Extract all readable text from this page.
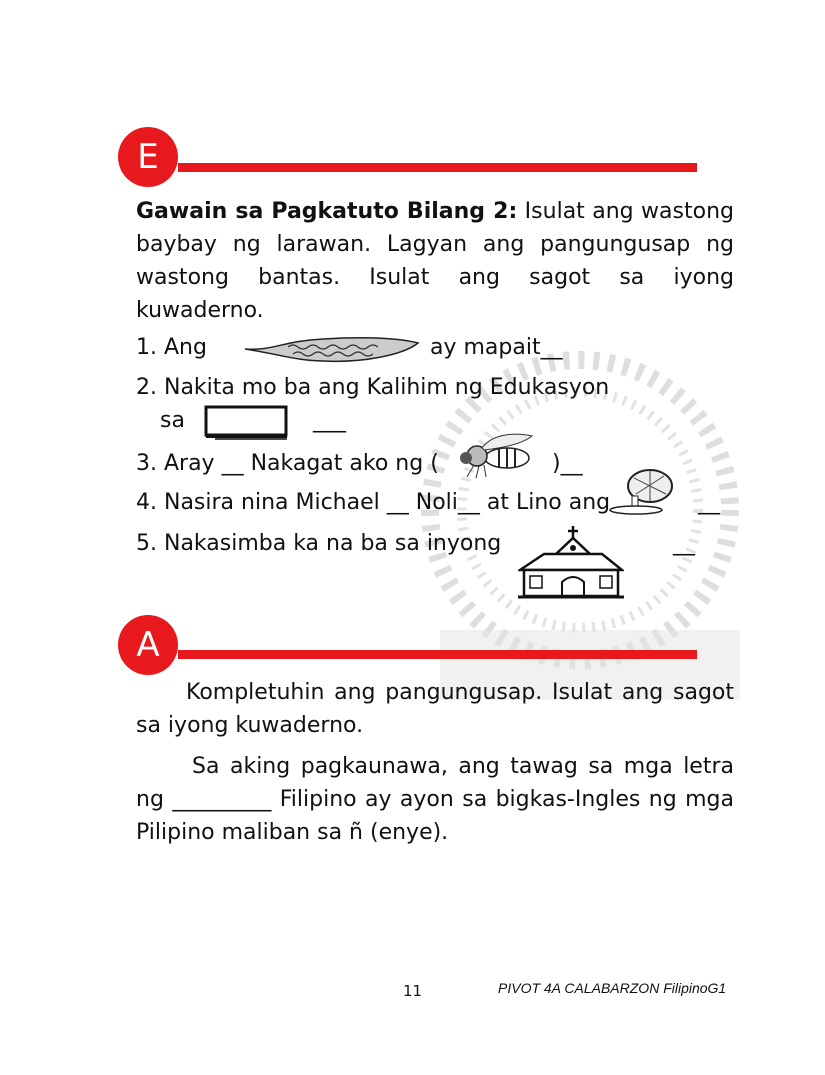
E
Gawain sa Pagkatuto Bilang 2: Isulat ang wastong baybay ng larawan. Lagyan ang pangungusap ng wastong bantas. Isulat ang sagot sa iyong kuwaderno.
1. Ang	ay mapait__
2. Nakita mo ba ang Kalihim ng Edukasyon
sa	___
3. Aray __ Nakagat ako ng (	)__
4. Nasira nina Michael __ Noli__ at Lino ang	__
5. Nakasimba ka na ba sa inyong	__
A
Kompletuhin ang pangungusap. Isulat ang sagot sa iyong kuwaderno.
Sa aking pagkaunawa, ang tawag sa mga letra ng _________ Filipino ay ayon sa bigkas-Ingles ng mga Pilipino maliban sa ñ (enye).
11	PIVOT 4A CALABARZON FilipinoG1
